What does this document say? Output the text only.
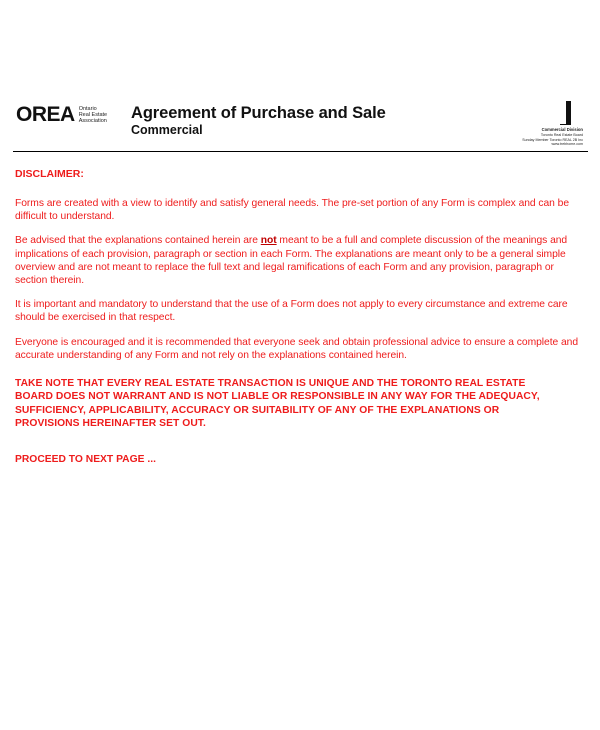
OREA Ontario
Real Estate
Association Agreement of Purchase and Sale
Commercial	Commercial Division
Toronto Real Estate Board
Sunday Member Toronto REAL 2B Inc
www.trebhome.com
DISCLAIMER:

Forms are created with a view to identify and satisfy general needs. The pre-set portion of any Form is complex and can be difficult to understand.

Be advised that the explanations contained herein are not meant to be a full and complete discussion of the meanings and implications of each provision, paragraph or section in each Form. The explanations are meant only to be a general simple overview and are not meant to replace the full text and legal ramifications of each Form and any provision, paragraph or section therein.

It is important and mandatory to understand that the use of a Form does not apply to every circumstance and extreme care should be exercised in that respect.

Everyone is encouraged and it is recommended that everyone seek and obtain professional advice to ensure a complete and accurate understanding of any Form and not rely on the explanations contained herein.

TAKE NOTE THAT EVERY REAL ESTATE TRANSACTION IS UNIQUE AND THE TORONTO REAL ESTATE BOARD DOES NOT WARRANT AND IS NOT LIABLE OR RESPONSIBLE IN ANY WAY FOR THE ADEQUACY, SUFFICIENCY, APPLICABILITY, ACCURACY OR SUITABILITY OF ANY OF THE EXPLANATIONS OR PROVISIONS HEREINAFTER SET OUT.

PROCEED TO NEXT PAGE ...
